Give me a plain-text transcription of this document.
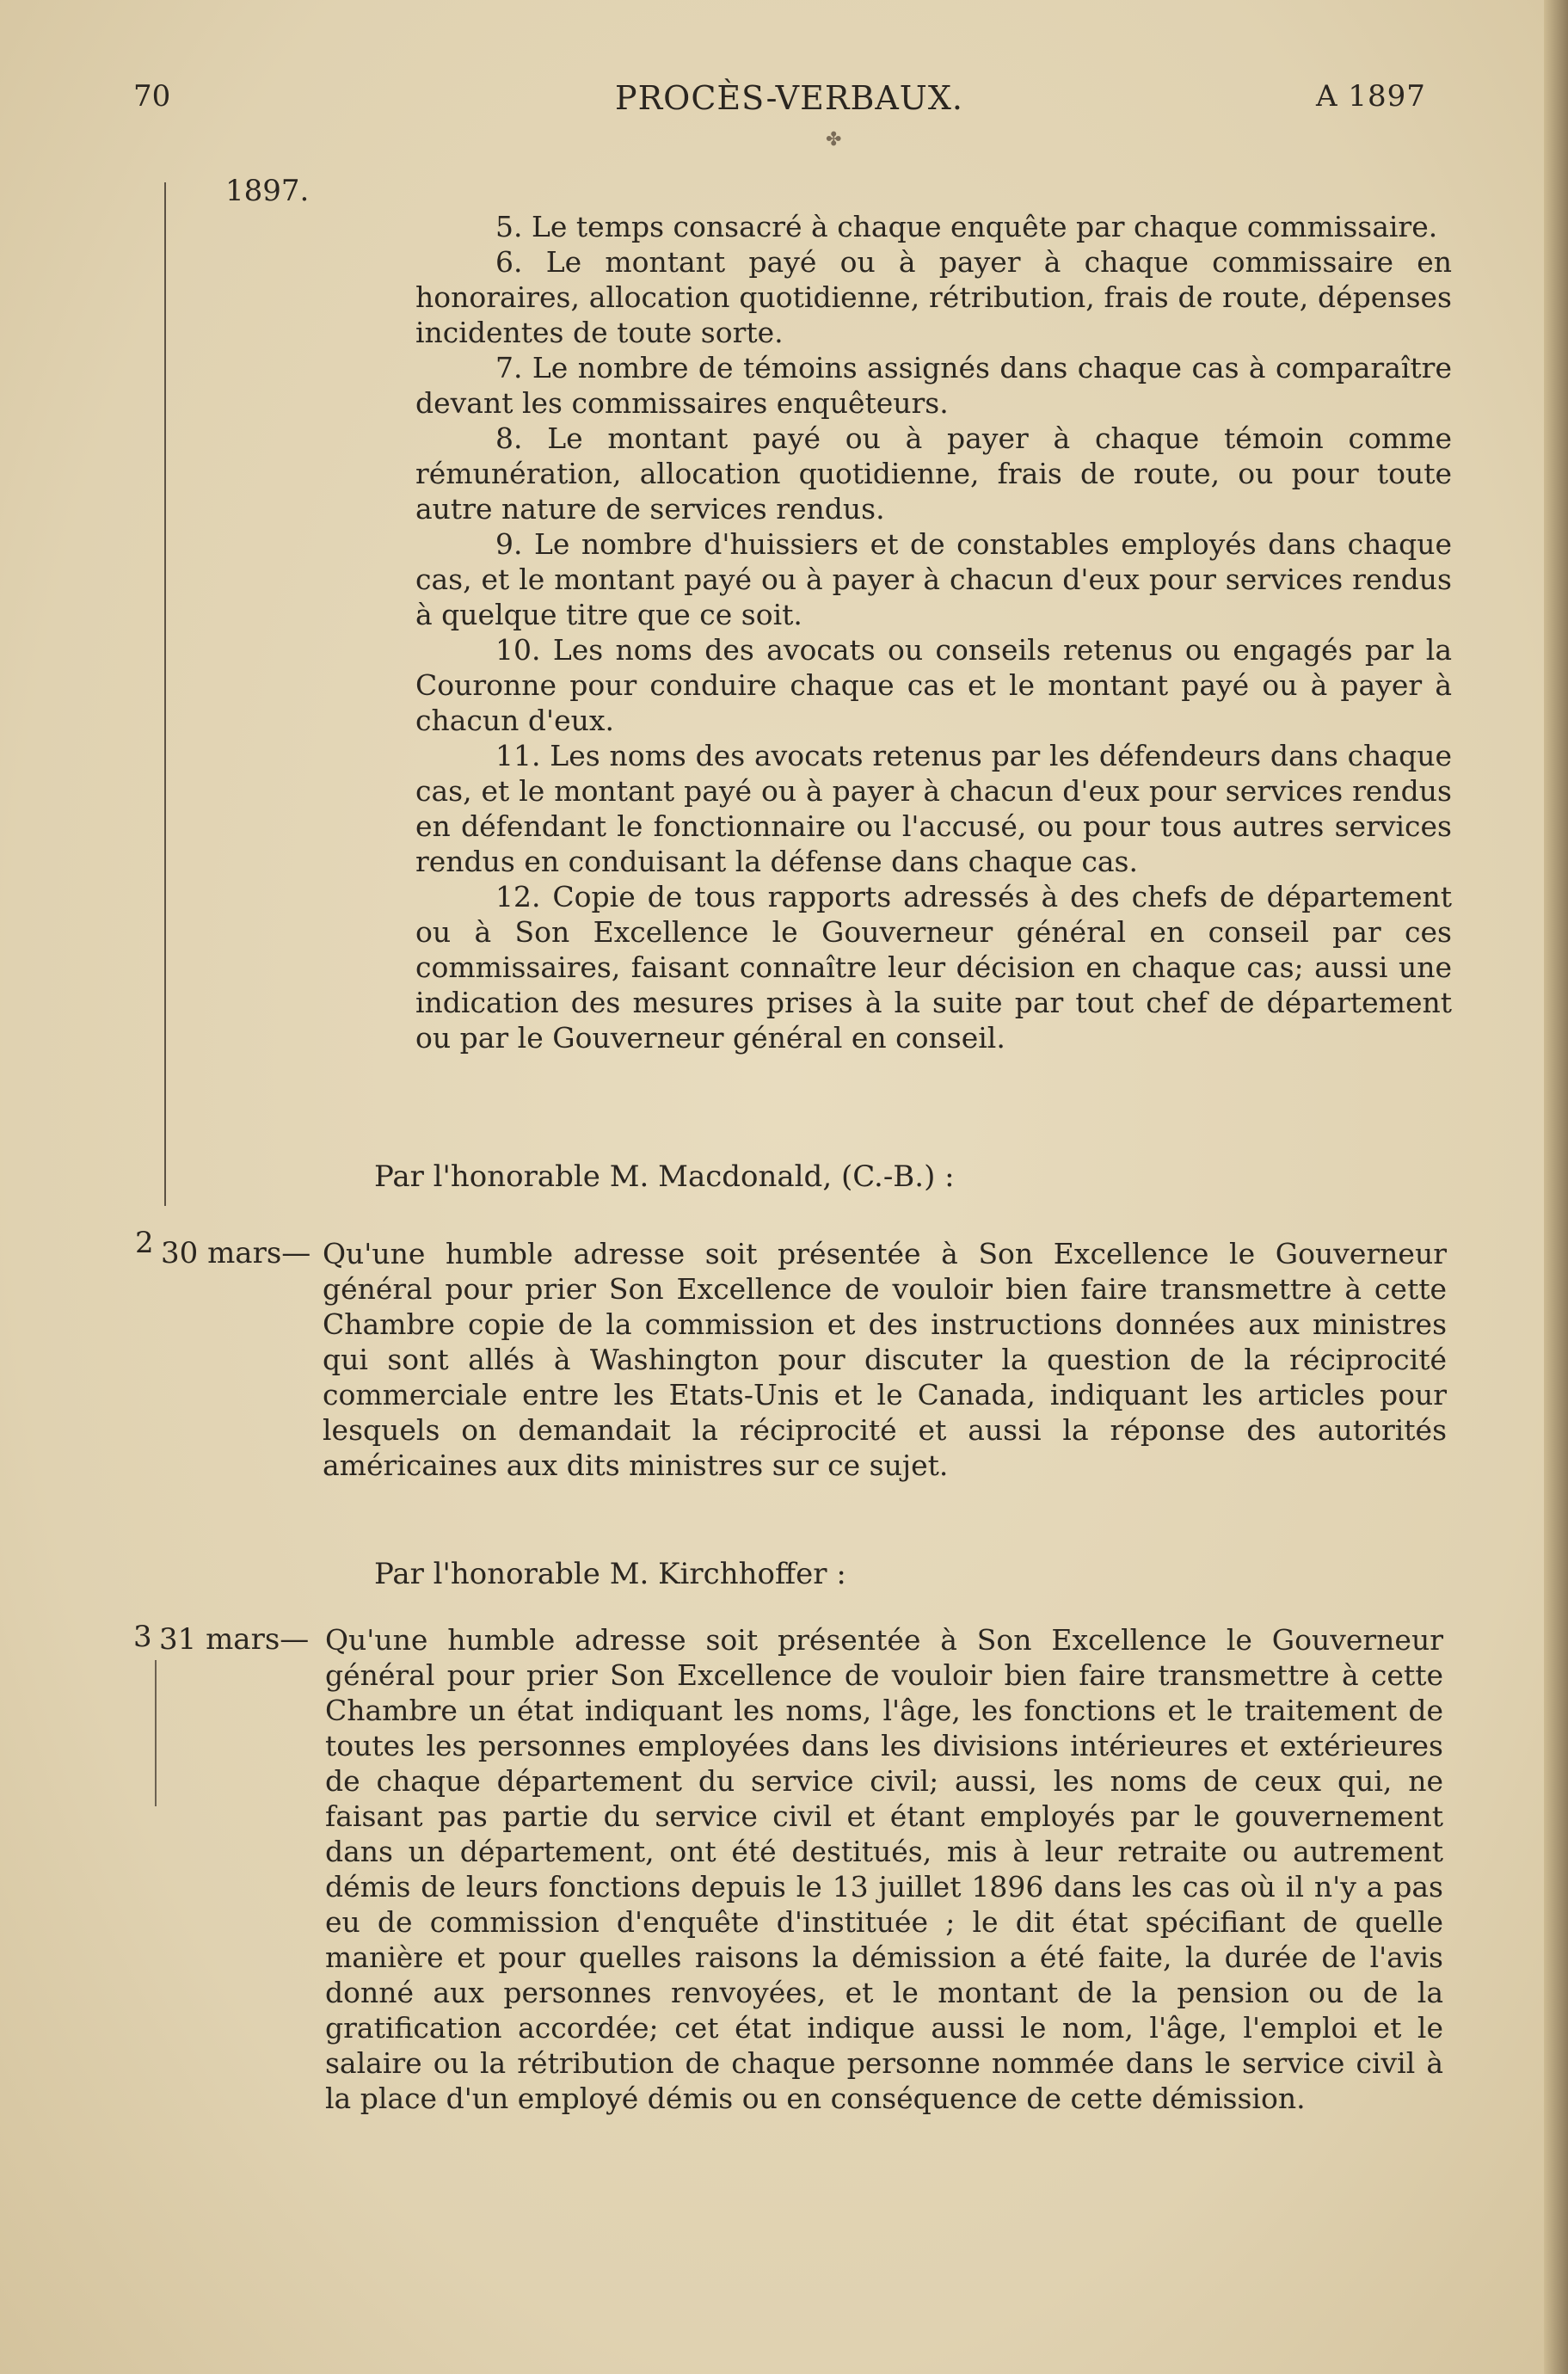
70	PROCÈS-VERBAUX.	A 1897
✤
1897.

5. Le temps consacré à chaque enquête par chaque commissaire.

6. Le montant payé ou à payer à chaque commissaire en honoraires, allocation quotidienne, rétribution, frais de route, dépenses incidentes de toute sorte.

7. Le nombre de témoins assignés dans chaque cas à comparaître devant les commissaires enquêteurs.

8. Le montant payé ou à payer à chaque témoin comme rémunération, allocation quotidienne, frais de route, ou pour toute autre nature de services rendus.

9. Le nombre d'huissiers et de constables employés dans chaque cas, et le montant payé ou à payer à chacun d'eux pour services rendus à quelque titre que ce soit.

10. Les noms des avocats ou conseils retenus ou engagés par la Couronne pour conduire chaque cas et le montant payé ou à payer à chacun d'eux.

11. Les noms des avocats retenus par les défendeurs dans chaque cas, et le montant payé ou à payer à chacun d'eux pour services rendus en défendant le fonctionnaire ou l'accusé, ou pour tous autres services rendus en conduisant la défense dans chaque cas.

12. Copie de tous rapports adressés à des chefs de département ou à Son Excellence le Gouverneur général en conseil par ces commissaires, faisant connaître leur décision en chaque cas; aussi une indication des mesures prises à la suite par tout chef de département ou par le Gouverneur général en conseil.

Par l'honorable M. Macdonald, (C.-B.) :
2 30 mars— Qu'une humble adresse soit présentée à Son Excellence le Gouverneur général pour prier Son Excellence de vouloir bien faire transmettre à cette Chambre copie de la commission et des instructions données aux ministres qui sont allés à Washington pour discuter la question de la réciprocité commerciale entre les Etats-Unis et le Canada, indiquant les articles pour lesquels on demandait la réciprocité et aussi la réponse des autorités américaines aux dits ministres sur ce sujet.

Par l'honorable M. Kirchhoffer :
3 31 mars— Qu'une humble adresse soit présentée à Son Excellence le Gouverneur général pour prier Son Excellence de vouloir bien faire transmettre à cette Chambre un état indiquant les noms, l'âge, les fonctions et le traitement de toutes les personnes employées dans les divisions intérieures et extérieures de chaque département du service civil; aussi, les noms de ceux qui, ne faisant pas partie du service civil et étant employés par le gouvernement dans un département, ont été destitués, mis à leur retraite ou autrement démis de leurs fonctions depuis le 13 juillet 1896 dans les cas où il n'y a pas eu de commission d'enquête d'instituée ; le dit état spécifiant de quelle manière et pour quelles raisons la démission a été faite, la durée de l'avis donné aux personnes renvoyées, et le montant de la pension ou de la gratification accordée; cet état indique aussi le nom, l'âge, l'emploi et le salaire ou la rétribution de chaque personne nommée dans le service civil à la place d'un employé démis ou en conséquence de cette démission.
